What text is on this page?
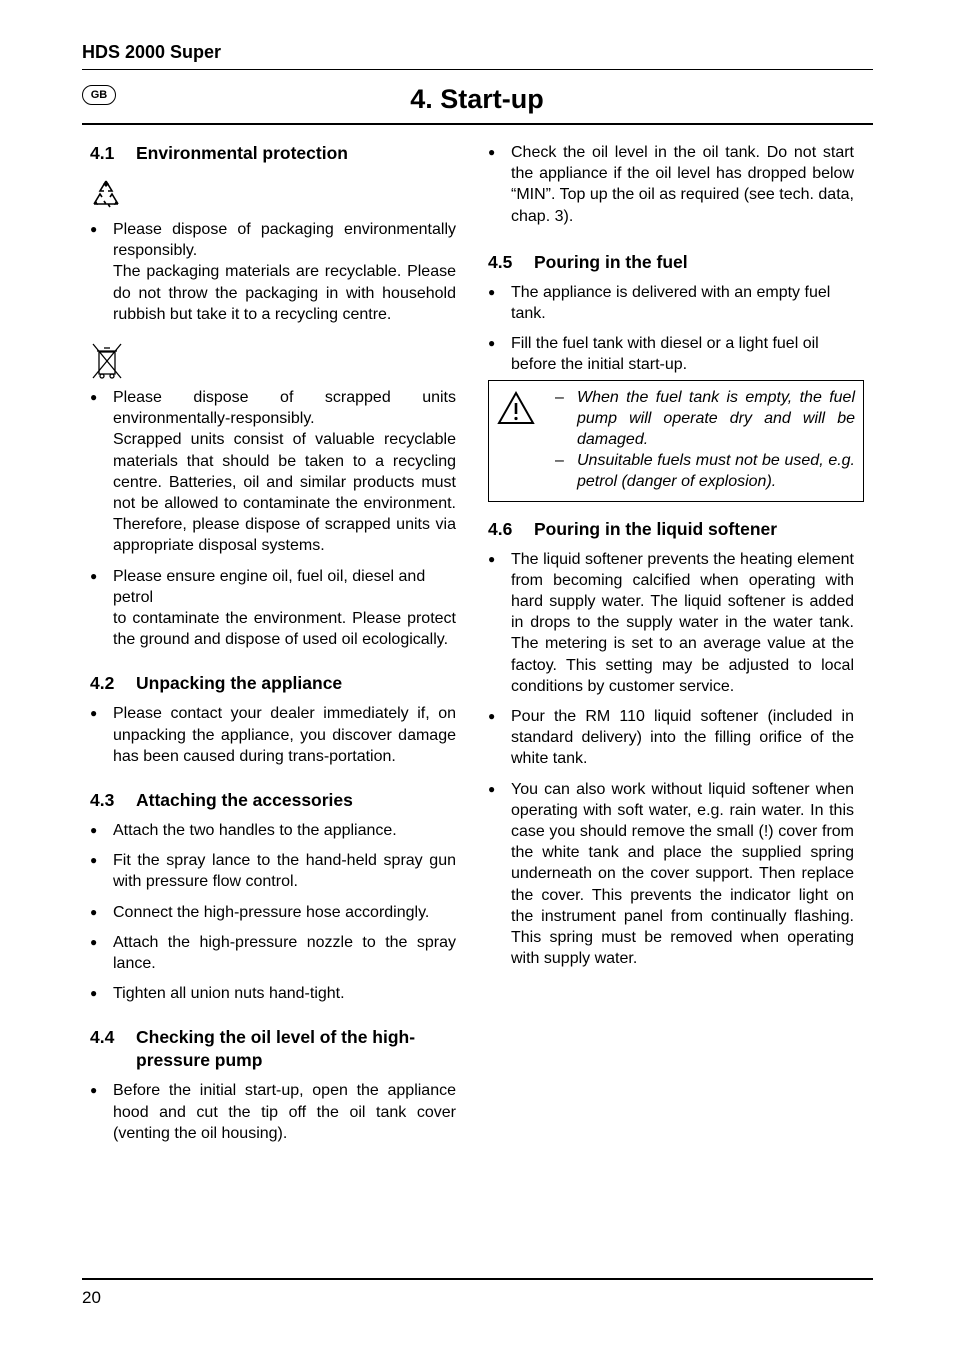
HDS 2000 Super
GB	4. Start-up
4.1	Environmental protection
● Please dispose of packaging environmentally responsibly.
The packaging materials are recyclable. Please do not throw the packaging in with household rubbish but take it to a recycling centre.
● Please dispose of scrapped units environmentally-responsibly.
Scrapped units consist of valuable recyclable materials that should be taken to a recycling centre. Batteries, oil and similar products must not be allowed to contaminate the environment. Therefore, please dispose of scrapped units via appropriate disposal systems.
● Please ensure engine oil, fuel oil, diesel and petrol
to contaminate the environment. Please protect the ground and dispose of used oil ecologically.
4.2	Unpacking the appliance
● Please contact your dealer immediately if, on unpacking the appliance, you discover damage has been caused during trans-portation.
4.3	Attaching the accessories
● Attach the two handles to the appliance.
● Fit the spray lance to the hand-held spray gun with pressure flow control.
● Connect the high-pressure hose accordingly.
● Attach the high-pressure nozzle to the spray lance.
● Tighten all union nuts hand-tight.
4.4	Checking the oil level of the high-pressure pump
● Before the initial start-up, open the appliance hood and cut the tip off the oil tank cover (venting the oil housing).
● Check the oil level in the oil tank. Do not start the appliance if the oil level has dropped below “MIN”. Top up the oil as required (see tech. data, chap. 3).
4.5	Pouring in the fuel
● The appliance is delivered with an empty fuel tank.
● Fill the fuel tank with diesel or a light fuel oil before the initial start-up.
– When the fuel tank is empty, the fuel pump will operate dry and will be damaged.
– Unsuitable fuels must not be used, e.g. petrol (danger of explosion).
4.6	Pouring in the liquid softener
● The liquid softener prevents the heating element from becoming calcified when operating with hard supply water. The liquid softener is added in drops to the supply water in the water tank. The metering is set to an average value at the factoy. This setting may be adjusted to local conditions by customer service.
● Pour the RM 110 liquid softener (included in standard delivery) into the filling orifice of the white tank.
● You can also work without liquid softener when operating with soft water, e.g. rain water. In this case you should remove the small (!) cover from the white tank and place the supplied spring underneath on the cover support. Then replace the cover. This prevents the indicator light on the instrument panel from continually flashing. This spring must be removed when operating with supply water.
20
